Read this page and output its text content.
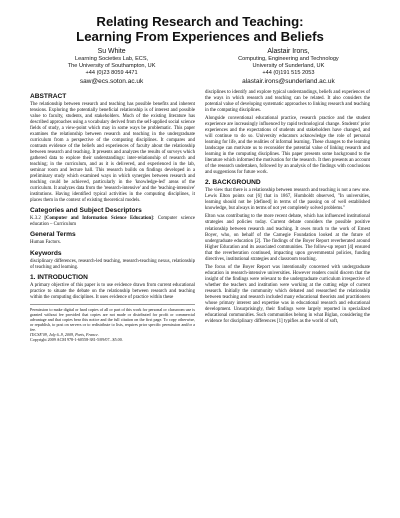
Relating Research and Teaching:
Learning From Experiences and Beliefs
Su White
Learning Societies Lab, ECS,
The University of Southampton, UK
+44 (0)23 8059 4471
saw@ecs.soton.ac.uk
Alastair Irons,
Computing, Engineering and Technology
University of Sunderland, UK
+44 (0)191 515 2053
alastair.irons@sunderland.ac.uk
ABSTRACT

The relationship between research and teaching has possible benefits and inherent tensions. Exploring the potentially beneficial relationship is of interest and possible value to faculty, students, and stakeholders. Much of the existing literature has described approaches using a vocabulary derived from the self-applied social science fields of study, a view-point which may in some ways be problematic. This paper examines the relationship between research and teaching in the undergraduate curriculum from a perspective of the computing disciplines. It compares and contrasts evidence of the beliefs and experiences of faculty about the relationship between research and teaching. It presents and analyzes the results of surveys which gathered data to explore their understandings: inter-relationship of research and teaching; in the curriculum, and as it is delivered, and experienced in the lab, seminar room and lecture hall. This research builds on findings developed in a preliminary study which examined ways in which synergies between research and teaching could be achieved, particularly in the 'knowledge-led' areas of the curriculum. It analyzes data from the 'research-intensive' and the 'teaching-intensive' institutions. Having identified typical activities in the computing disciplines, it places them in the context of existing theoretical models.

Categories and Subject Descriptors

K.3.2 [Computer and Information Science Education]: Computer science education – Curriculum

General Terms

Human Factors.

Keywords

disciplinary differences, research-led teaching, research-teaching nexus, relationship of teaching and learning.

1. INTRODUCTION

A primary objective of this paper is to use evidence drawn from current educational practice to situate the debate on the relationship between research and teaching within the computing disciplines. It uses evidence of practice within these

Permission to make digital or hard copies of all or part of this work for personal or classroom use is granted without fee provided that copies are not made or distributed for profit or commercial advantage and that copies bear this notice and the full citation on the first page. To copy otherwise, or republish, to post on servers or to redistribute to lists, requires prior specific permission and/or a fee.
ITiCSE'09, July 6–9, 2009, Paris, France.
Copyright 2009 ACM 978-1-60558-381-5/09/07...$5.00.

disciplines to identify and explore typical understandings, beliefs and experiences of the ways in which research and teaching can be related. It also considers the potential value of developing systematic approaches to linking research and teaching in the computing disciplines.

Alongside conventional educational practice, research practice and the student experience are increasingly influenced by rapid technological change. Students' prior experiences and the expectations of students and stakeholders have changed, and will continue to do so. University educators acknowledge the role of personal learning for life, and the realities of informal learning. These changes to the learning landscape can motivate us to reconsider the potential value of linking research and learning in the computing disciplines. This paper presents some background to the literature which informed the motivation for the research. It then presents an account of the research undertaken, followed by an analysis of the findings with conclusions and suggestions for future work.

2. BACKGROUND

The view that there is a relationship between research and teaching is not a new one. Lewis Elton points out [6] that in 1867, Humboldt observed, "In universities, learning should not be [defined] in terms of the passing on of well established knowledge, but always in terms of not yet completely solved problems."

Elton was contributing to the more recent debate, which has influenced institutional strategies and policies today. Current debate considers the possible positive relationship between research and teaching. It owes much to the work of Ernest Boyer, who, on behalf of the Carnegie Foundation looked at the future of undergraduate education [2]. The findings of the Boyer Report reverberated around Higher Education and its associated communities. The follow-up report [4] ensured that the reverberation continued, impacting upon governmental policies, funding directives, institutional strategies and classroom teaching.

The focus of the Boyer Report was intentionally concerned with undergraduate education in research-intensive universities. However readers could discern that the insight of the findings were relevant to the undergraduate curriculum irrespective of whether the teachers and institution were working at the cutting edge of current research. Initially the community which debated and researched the relationship between teaching and research included many educational theorists and practitioners whose primary interest and expertise was in educational research and educational development. Unsurprisingly, their findings were largely reported in specialized educational communities. Such communities belong in what Biglan, considering the evidence for disciplinary differences [1] typifies as the world of soft,
